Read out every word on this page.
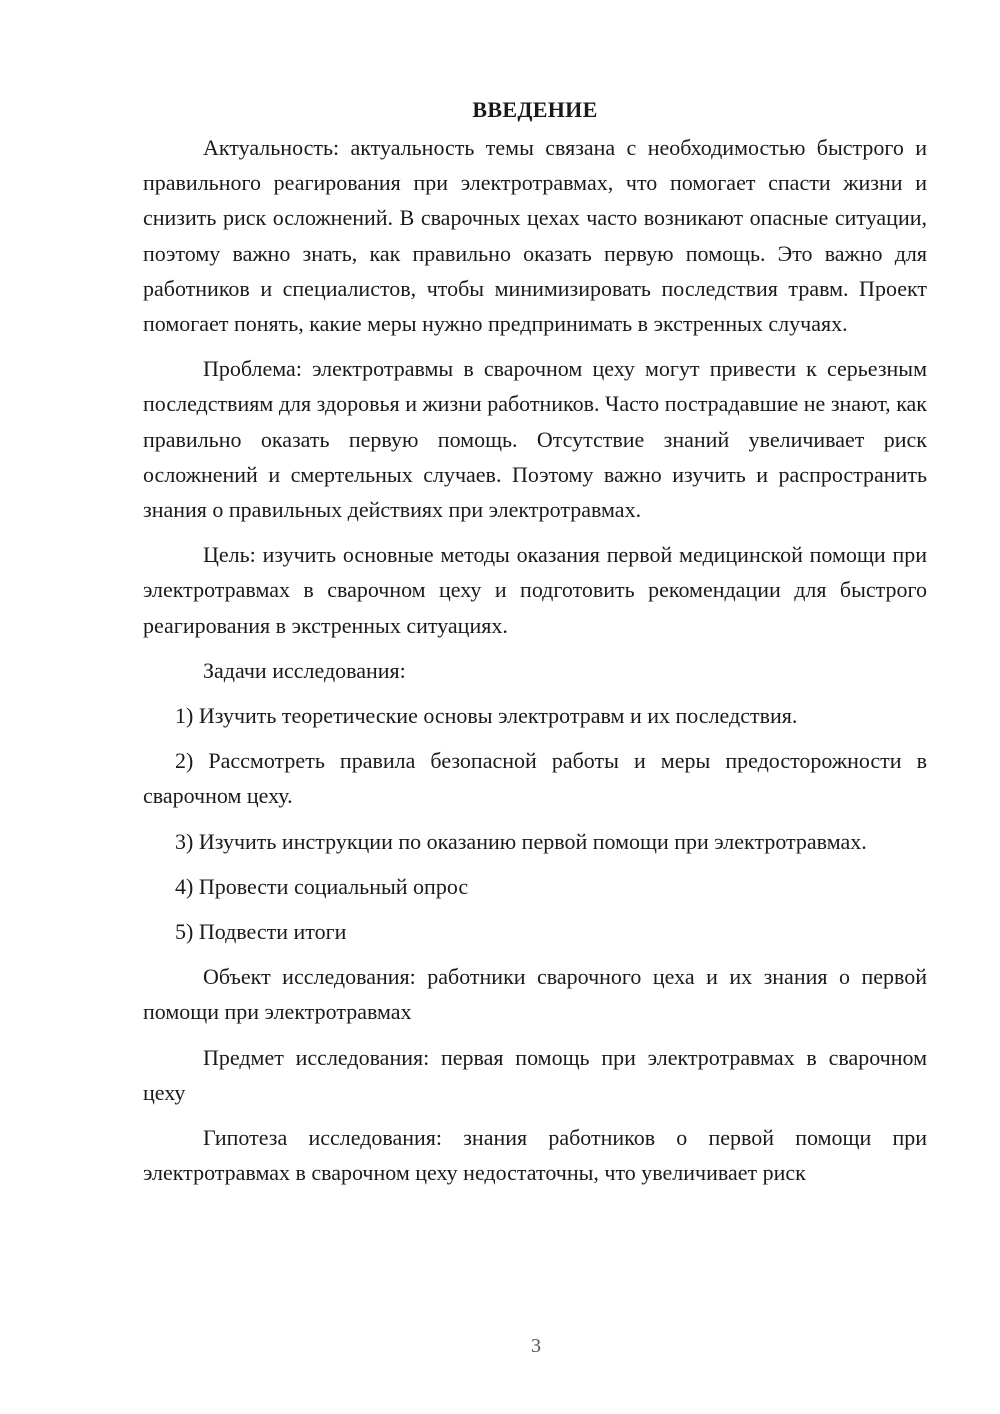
ВВЕДЕНИЕ

Актуальность: актуальность темы связана с необходимостью быстрого и правильного реагирования при электротравмах, что помогает спасти жизни и снизить риск осложнений. В сварочных цехах часто возникают опасные ситуации, поэтому важно знать, как правильно оказать первую помощь. Это важно для работников и специалистов, чтобы минимизировать последствия травм. Проект помогает понять, какие меры нужно предпринимать в экстренных случаях.

Проблема: электротравмы в сварочном цеху могут привести к серьезным последствиям для здоровья и жизни работников. Часто пострадавшие не знают, как правильно оказать первую помощь. Отсутствие знаний увеличивает риск осложнений и смертельных случаев. Поэтому важно изучить и распространить знания о правильных действиях при электротравмах.

Цель: изучить основные методы оказания первой медицинской помощи при электротравмах в сварочном цеху и подготовить рекомендации для быстрого реагирования в экстренных ситуациях.

Задачи исследования:

1) Изучить теоретические основы электротравм и их последствия.

2) Рассмотреть правила безопасной работы и меры предосторожности в сварочном цеху.

3) Изучить инструкции по оказанию первой помощи при электротравмах.

4) Провести социальный опрос

5) Подвести итоги

Объект исследования: работники сварочного цеха и их знания о первой помощи при электротравмах

Предмет исследования: первая помощь при электротравмах в сварочном цеху

Гипотеза исследования: знания работников о первой помощи при электротравмах в сварочном цеху недостаточны, что увеличивает риск

3
